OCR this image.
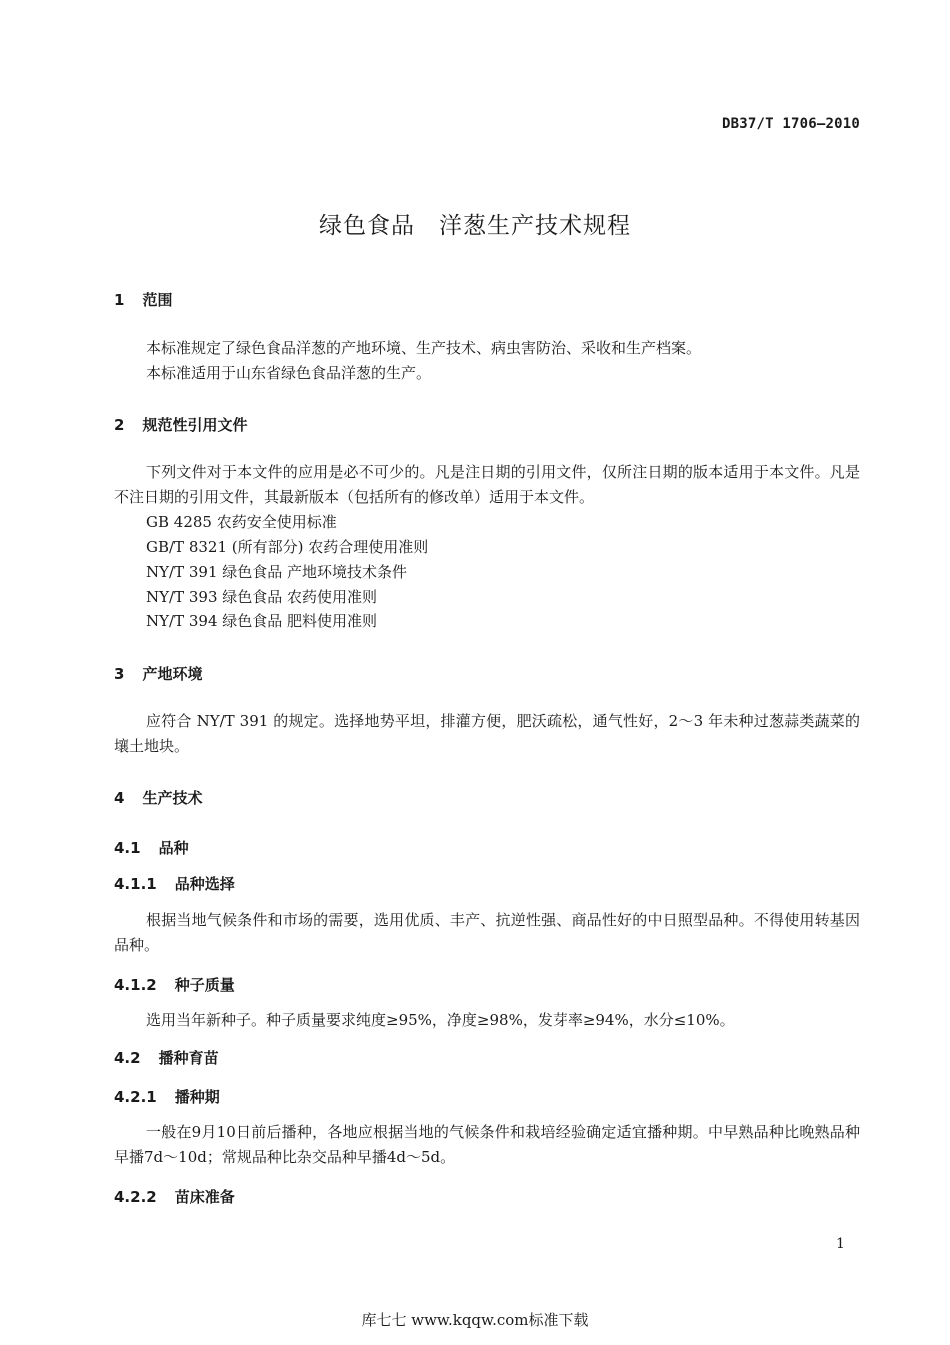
DB37/T 1706—2010
绿色食品 洋葱生产技术规程
1 范围

本标准规定了绿色食品洋葱的产地环境、生产技术、病虫害防治、采收和生产档案。

本标准适用于山东省绿色食品洋葱的生产。

2 规范性引用文件

下列文件对于本文件的应用是必不可少的。凡是注日期的引用文件，仅所注日期的版本适用于本文件。凡是不注日期的引用文件，其最新版本（包括所有的修改单）适用于本文件。

GB 4285 农药安全使用标准
GB/T 8321 (所有部分) 农药合理使用准则
NY/T 391 绿色食品 产地环境技术条件
NY/T 393 绿色食品 农药使用准则
NY/T 394 绿色食品 肥料使用准则
3 产地环境

应符合 NY/T 391 的规定。选择地势平坦，排灌方便，肥沃疏松，通气性好，2～3 年未种过葱蒜类蔬菜的壤土地块。

4 生产技术
4.1 品种
4.1.1 品种选择

根据当地气候条件和市场的需要，选用优质、丰产、抗逆性强、商品性好的中日照型品种。不得使用转基因品种。

4.1.2 种子质量

选用当年新种子。种子质量要求纯度≥95%，净度≥98%，发芽率≥94%，水分≤10%。

4.2 播种育苗
4.2.1 播种期

一般在9月10日前后播种，各地应根据当地的气候条件和栽培经验确定适宜播种期。中早熟品种比晚熟品种早播7d～10d；常规品种比杂交品种早播4d～5d。

4.2.2 苗床准备
1
库七七 www.kqqw.com标准下载
